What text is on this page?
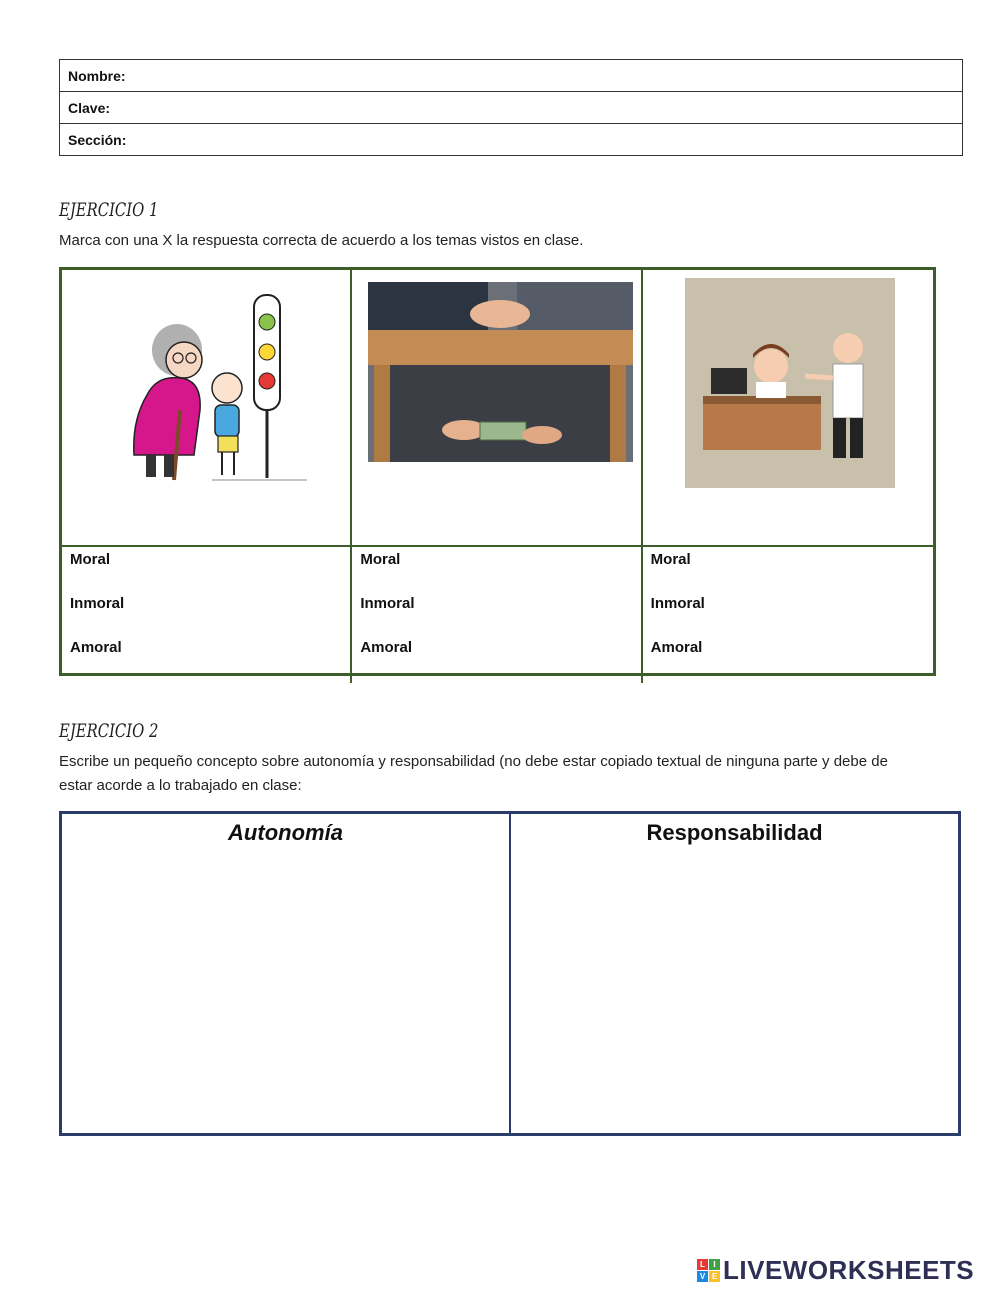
Nombre:
Clave:
Sección:
EJERCICIO 1
Marca con una X la respuesta correcta de acuerdo a los temas vistos en clase.
Moral
Inmoral
Amoral
Moral
Inmoral
Amoral
Moral
Inmoral
Amoral
EJERCICIO 2
Escribe un pequeño concepto sobre autonomía y responsabilidad (no debe estar copiado textual de ninguna parte y debe de estar acorde a lo trabajado en clase:
Autonomía	Responsabilidad
L	I
V E LIVEWORKSHEETS
